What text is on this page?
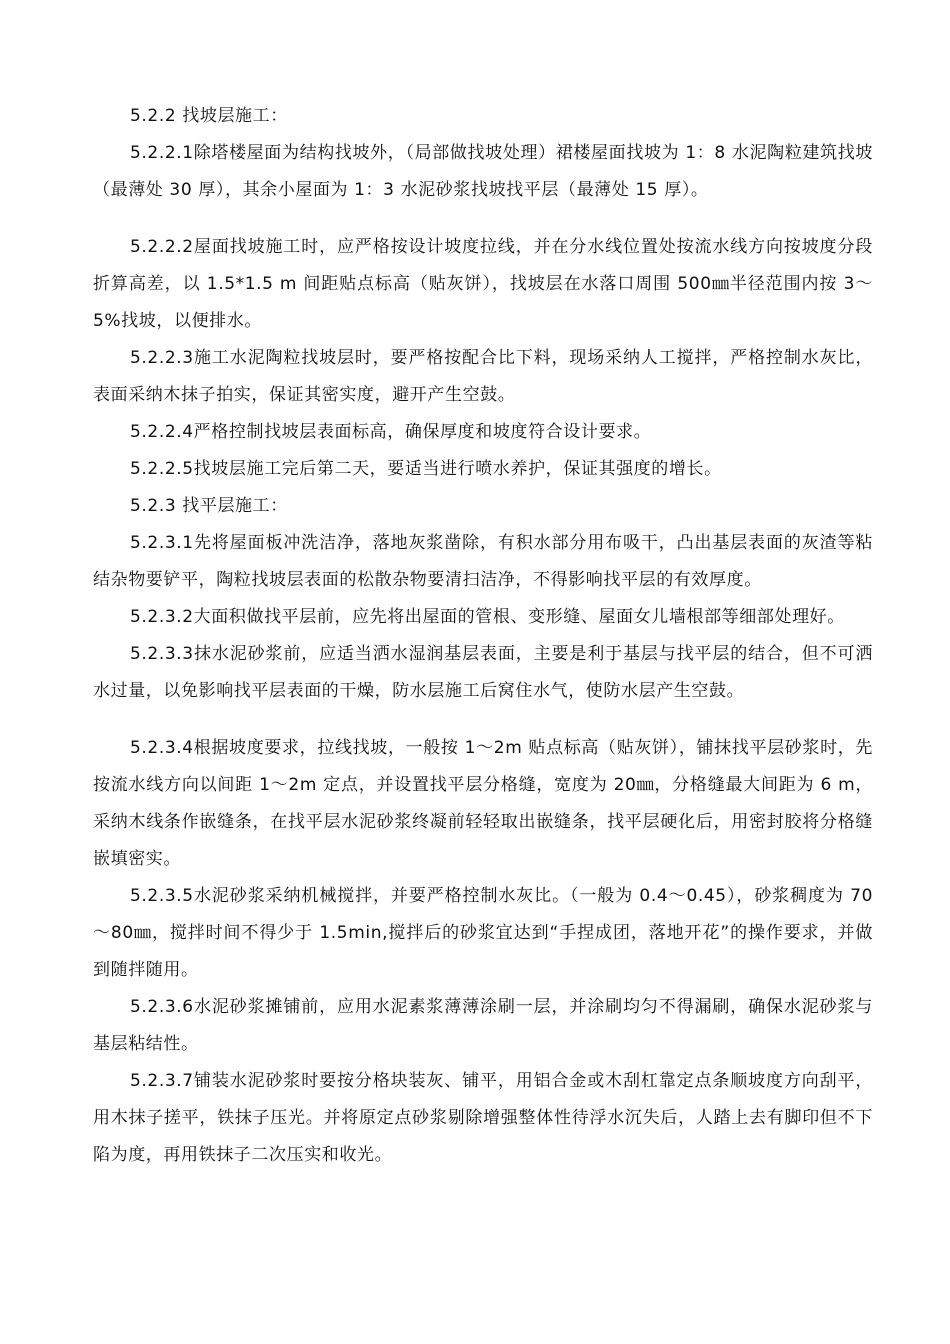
5.2.2 找坡层施工：

5.2.2.1除塔楼屋面为结构找坡外，（局部做找坡处理）裙楼屋面找坡为 1：8 水泥陶粒建筑找坡（最薄处 30 厚），其余小屋面为 1：3 水泥砂浆找坡找平层（最薄处 15 厚）。

5.2.2.2屋面找坡施工时，应严格按设计坡度拉线，并在分水线位置处按流水线方向按坡度分段折算高差，以 1.5*1.5 m 间距贴点标高（贴灰饼），找坡层在水落口周围 500㎜半径范围内按 3～5%找坡，以便排水。

5.2.2.3施工水泥陶粒找坡层时，要严格按配合比下料，现场采纳人工搅拌，严格控制水灰比，表面采纳木抹子拍实，保证其密实度，避开产生空鼓。

5.2.2.4严格控制找坡层表面标高，确保厚度和坡度符合设计要求。

5.2.2.5找坡层施工完后第二天，要适当进行喷水养护，保证其强度的增长。

5.2.3 找平层施工：

5.2.3.1先将屋面板冲洗洁净，落地灰浆凿除，有积水部分用布吸干，凸出基层表面的灰渣等粘结杂物要铲平，陶粒找坡层表面的松散杂物要清扫洁净，不得影响找平层的有效厚度。

5.2.3.2大面积做找平层前，应先将出屋面的管根、变形缝、屋面女儿墙根部等细部处理好。

5.2.3.3抹水泥砂浆前，应适当洒水湿润基层表面，主要是利于基层与找平层的结合，但不可洒水过量，以免影响找平层表面的干燥，防水层施工后窝住水气，使防水层产生空鼓。

5.2.3.4根据坡度要求，拉线找坡，一般按 1～2m 贴点标高（贴灰饼），铺抹找平层砂浆时，先按流水线方向以间距 1～2m 定点，并设置找平层分格缝，宽度为 20㎜，分格缝最大间距为 6 m，采纳木线条作嵌缝条，在找平层水泥砂浆终凝前轻轻取出嵌缝条，找平层硬化后，用密封胶将分格缝嵌填密实。

5.2.3.5水泥砂浆采纳机械搅拌，并要严格控制水灰比。（一般为 0.4～0.45），砂浆稠度为 70～80㎜，搅拌时间不得少于 1.5min,搅拌后的砂浆宜达到“手捏成团，落地开花”的操作要求，并做到随拌随用。

5.2.3.6水泥砂浆摊铺前，应用水泥素浆薄薄涂刷一层，并涂刷均匀不得漏刷，确保水泥砂浆与基层粘结性。

5.2.3.7铺装水泥砂浆时要按分格块装灰、铺平，用铝合金或木刮杠靠定点条顺坡度方向刮平，用木抹子搓平，铁抹子压光。并将原定点砂浆剔除增强整体性待浮水沉失后，人踏上去有脚印但不下陷为度，再用铁抹子二次压实和收光。
